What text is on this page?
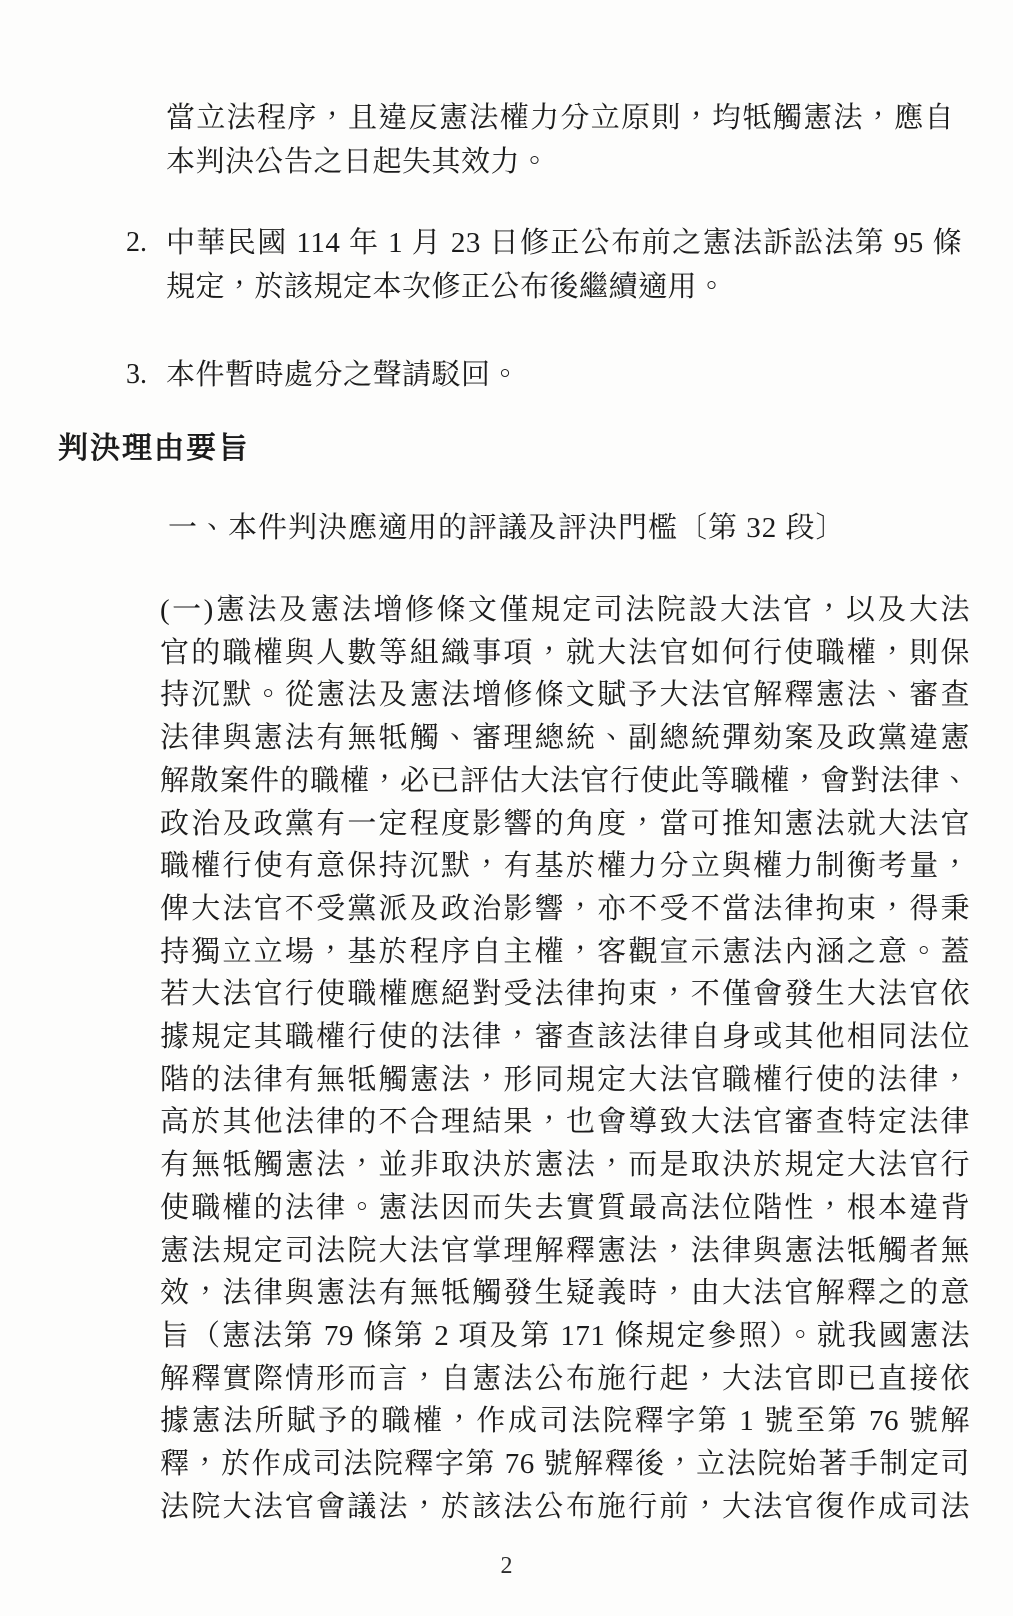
當立法程序，且違反憲法權力分立原則，均牴觸憲法，應自
本判決公告之日起失其效力。
2. 中華民國 114 年 1 月 23 日修正公布前之憲法訴訟法第 95 條
規定，於該規定本次修正公布後繼續適用。
3. 本件暫時處分之聲請駁回。
判決理由要旨
一、本件判決應適用的評議及評決門檻〔第 32 段〕
(一)憲法及憲法增修條文僅規定司法院設大法官，以及大法
官的職權與人數等組織事項，就大法官如何行使職權，則保
持沉默。從憲法及憲法增修條文賦予大法官解釋憲法、審查
法律與憲法有無牴觸、審理總統、副總統彈劾案及政黨違憲
解散案件的職權，必已評估大法官行使此等職權，會對法律、
政治及政黨有一定程度影響的角度，當可推知憲法就大法官
職權行使有意保持沉默，有基於權力分立與權力制衡考量，
俾大法官不受黨派及政治影響，亦不受不當法律拘束，得秉
持獨立立場，基於程序自主權，客觀宣示憲法內涵之意。蓋
若大法官行使職權應絕對受法律拘束，不僅會發生大法官依
據規定其職權行使的法律，審查該法律自身或其他相同法位
階的法律有無牴觸憲法，形同規定大法官職權行使的法律，
高於其他法律的不合理結果，也會導致大法官審查特定法律
有無牴觸憲法，並非取決於憲法，而是取決於規定大法官行
使職權的法律。憲法因而失去實質最高法位階性，根本違背
憲法規定司法院大法官掌理解釋憲法，法律與憲法牴觸者無
效，法律與憲法有無牴觸發生疑義時，由大法官解釋之的意
旨（憲法第 79 條第 2 項及第 171 條規定參照）。就我國憲法
解釋實際情形而言，自憲法公布施行起，大法官即已直接依
據憲法所賦予的職權，作成司法院釋字第 1 號至第 76 號解
釋，於作成司法院釋字第 76 號解釋後，立法院始著手制定司
法院大法官會議法，於該法公布施行前，大法官復作成司法
2
